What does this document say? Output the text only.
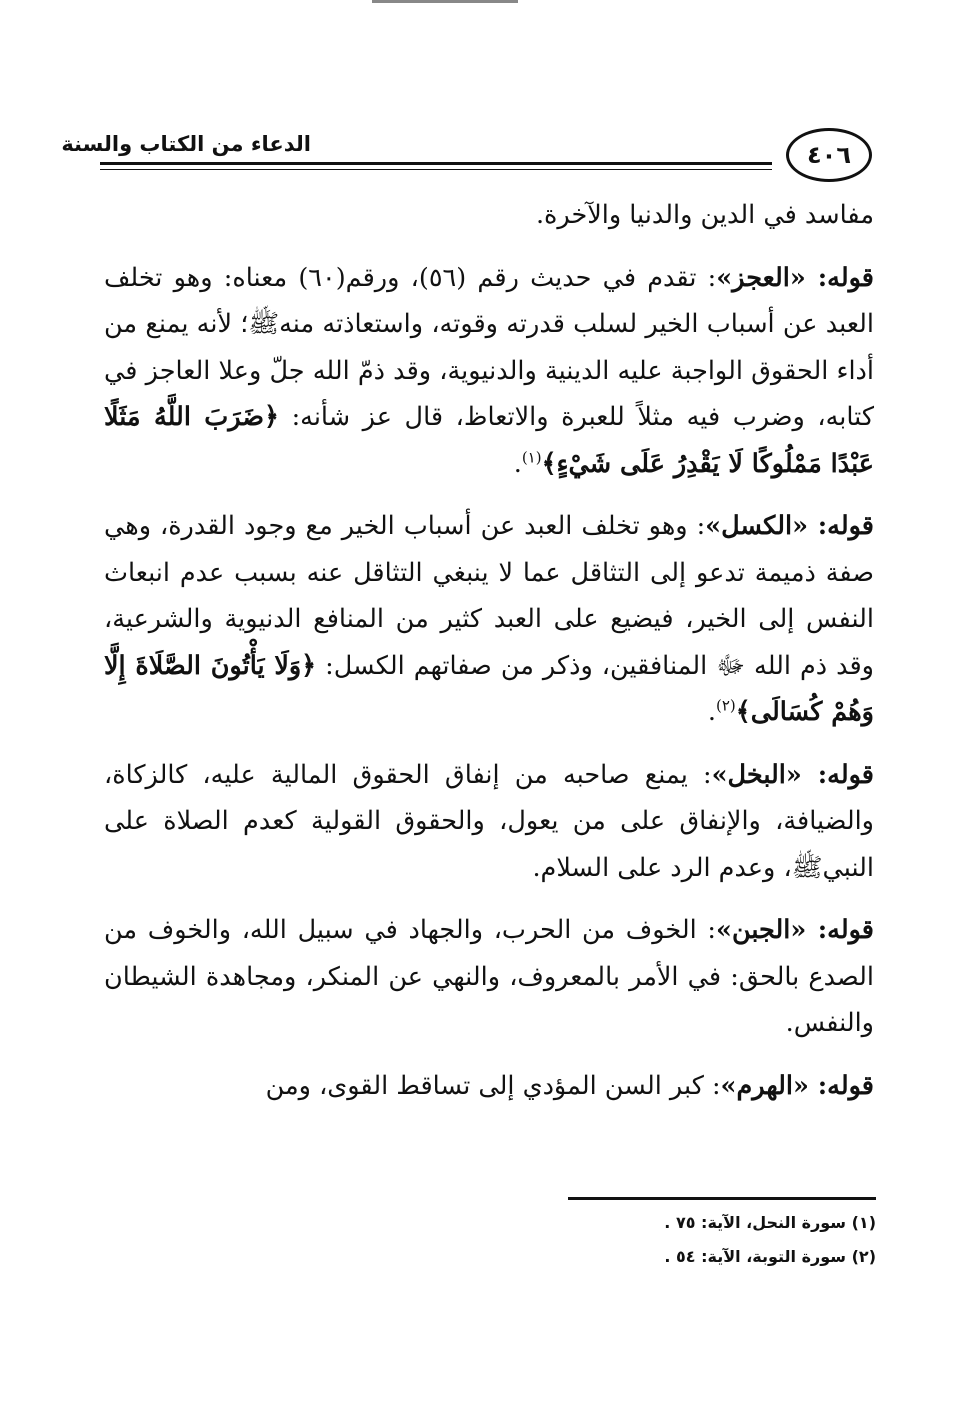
الدعاء من الكتاب والسنة	٤٠٦

مفاسد في الدين والدنيا والآخرة.

قوله: «العجز»: تقدم في حديث رقم (٥٦)، ورقم(٦٠) معناه: وهو تخلف العبد عن أسباب الخير لسلب قدرته وقوته، واستعاذته منهﷺ؛ لأنه يمنع من أداء الحقوق الواجبة عليه الدينية والدنيوية، وقد ذمّ الله جلّ وعلا العاجز في كتابه، وضرب فيه مثلاً للعبرة والاتعاظ، قال عز شأنه: ﴿ضَرَبَ اللَّهُ مَثَلًا عَبْدًا مَمْلُوكًا لَا يَقْدِرُ عَلَى شَيْءٍ﴾$^{(١)}$.

قوله: «الكسل»: وهو تخلف العبد عن أسباب الخير مع وجود القدرة، وهي صفة ذميمة تدعو إلى التثاقل عما لا ينبغي التثاقل عنه بسبب عدم انبعاث النفس إلى الخير، فيضيع على العبد كثير من المنافع الدنيوية والشرعية، وقد ذم الله ﷻ المنافقين، وذكر من صفاتهم الكسل: ﴿وَلَا يَأْتُونَ الصَّلَاةَ إِلَّا وَهُمْ كُسَالَى﴾$^{(٢)}$.

قوله: «البخل»: يمنع صاحبه من إنفاق الحقوق المالية عليه، كالزكاة، والضيافة، والإنفاق على من يعول، والحقوق القولية كعدم الصلاة على النبيﷺ، وعدم الرد على السلام.

قوله: «الجبن»: الخوف من الحرب، والجهاد في سبيل الله، والخوف من الصدع بالحق: في الأمر بالمعروف، والنهي عن المنكر، ومجاهدة الشيطان والنفس.

قوله: «الهرم»: كبر السن المؤدي إلى تساقط القوى، ومن

(١) سورة النحل، الآية: ٧٥ .

(٢) سورة التوبة، الآية: ٥٤ .
